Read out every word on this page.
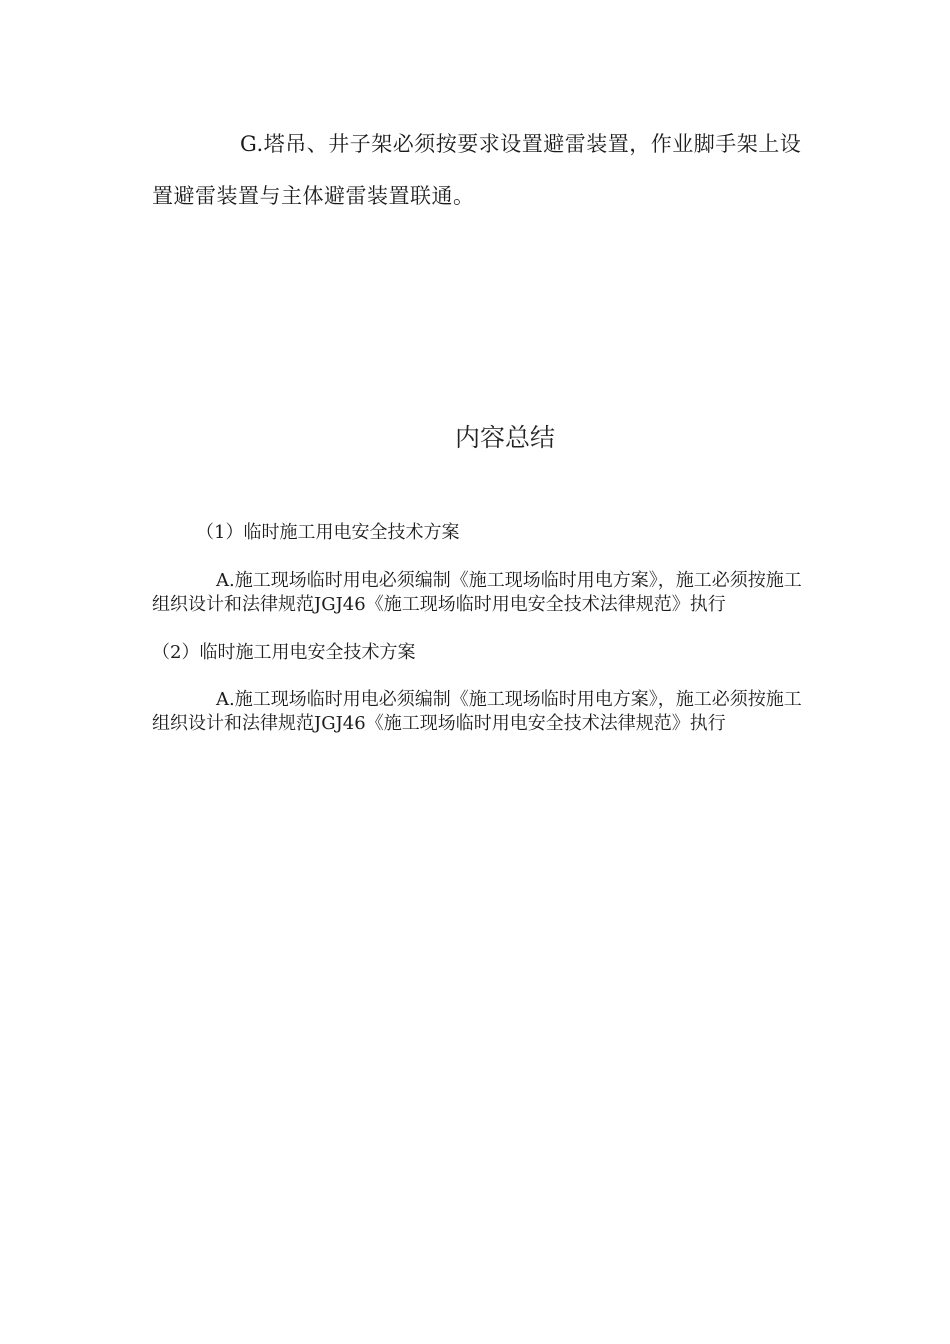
G.塔吊、井子架必须按要求设置避雷装置，作业脚手架上设置避雷装置与主体避雷装置联通。

内容总结

（1）临时施工用电安全技术方案

A.施工现场临时用电必须编制《施工现场临时用电方案》，施工必须按施工组织设计和法律规范JGJ46《施工现场临时用电安全技术法律规范》执行

（2）临时施工用电安全技术方案

A.施工现场临时用电必须编制《施工现场临时用电方案》，施工必须按施工组织设计和法律规范JGJ46《施工现场临时用电安全技术法律规范》执行
